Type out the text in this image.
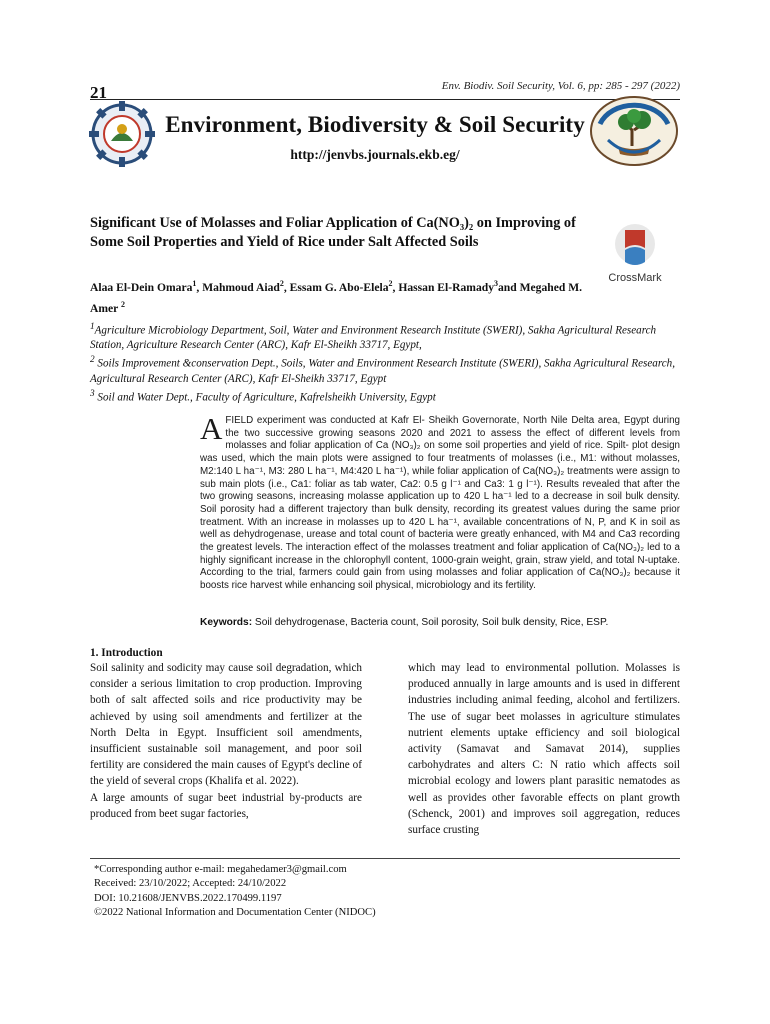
21	Env. Biodiv. Soil Security, Vol. 6, pp: 285 - 297 (2022)
Environment, Biodiversity & Soil Security
http://jenvbs.journals.ekb.eg/
Significant Use of Molasses and Foliar Application of Ca(NO₃)₂ on Improving of Some Soil Properties and Yield of Rice under Salt Affected Soils
CrossMark
Alaa El-Dein Omara$^1$, Mahmoud Aiad$^2$, Essam G. Abo-Elela$^2$, Hassan El-Ramady$^3$and Megahed M. Amer $^2$

$^1$Agriculture Microbiology Department, Soil, Water and Environment Research Institute (SWERI), Sakha Agricultural Research Station, Agriculture Research Center (ARC), Kafr El-Sheikh 33717, Egypt,

$^2$ Soils Improvement &conservation Dept., Soils, Water and Environment Research Institute (SWERI), Sakha Agricultural Research, Agricultural Research Center (ARC), Kafr El-Sheikh 33717, Egypt

$^3$ Soil and Water Dept., Faculty of Agriculture, Kafrelsheikh University, Egypt

AFIELD experiment was conducted at Kafr El- Sheikh Governorate, North Nile Delta area, Egypt during the two successive growing seasons 2020 and 2021 to assess the effect of different levels from molasses and foliar application of Ca (NO₃)₂ on some soil properties and yield of rice. Spilt- plot design was used, which the main plots were assigned to four treatments of molasses (i.e., M1: without molasses, M2:140 L ha⁻¹, M3: 280 L ha⁻¹, M4:420 L ha⁻¹), while foliar application of Ca(NO₃)₂ treatments were assign to sub main plots (i.e., Ca1: foliar as tab water, Ca2: 0.5 g l⁻¹ and Ca3: 1 g l⁻¹). Results revealed that after the two growing seasons, increasing molasse application up to 420 L ha⁻¹ led to a decrease in soil bulk density. Soil porosity had a different trajectory than bulk density, recording its greatest values during the same prior treatment. With an increase in molasses up to 420 L ha⁻¹, available concentrations of N, P, and K in soil as well as dehydrogenase, urease and total count of bacteria were greatly enhanced, with M4 and Ca3 recording the greatest levels. The interaction effect of the molasses treatment and foliar application of Ca(NO₃)₂ led to a highly significant increase in the chlorophyll content, 1000-grain weight, grain, straw yield, and total N-uptake. According to the trial, farmers could gain from using molasses and foliar application of Ca(NO₃)₂ because it boosts rice harvest while enhancing soil physical, microbiology and its fertility.
Keywords: Soil dehydrogenase, Bacteria count, Soil porosity, Soil bulk density, Rice, ESP.
1. Introduction

Soil salinity and sodicity may cause soil degradation, which consider a serious limitation to crop production. Improving both of salt affected soils and rice productivity may be achieved by using soil amendments and fertilizer at the North Delta in Egypt. Insufficient soil amendments, insufficient sustainable soil management, and poor soil fertility are considered the main causes of Egypt's decline of the yield of several crops (Khalifa et al. 2022).

A large amounts of sugar beet industrial by-products are produced from beet sugar factories,

which may lead to environmental pollution. Molasses is produced annually in large amounts and is used in different industries including animal feeding, alcohol and fertilizers. The use of sugar beet molasses in agriculture stimulates nutrient elements uptake efficiency and soil biological activity (Samavat and Samavat 2014), supplies carbohydrates and alters C: N ratio which affects soil microbial ecology and lowers plant parasitic nematodes as well as provides other favorable effects on plant growth (Schenck, 2001) and improves soil aggregation, reduces surface crusting

*Corresponding author e-mail: megahedamer3@gmail.com
Received: 23/10/2022; Accepted: 24/10/2022
DOI: 10.21608/JENVBS.2022.170499.1197
©2022 National Information and Documentation Center (NIDOC)
